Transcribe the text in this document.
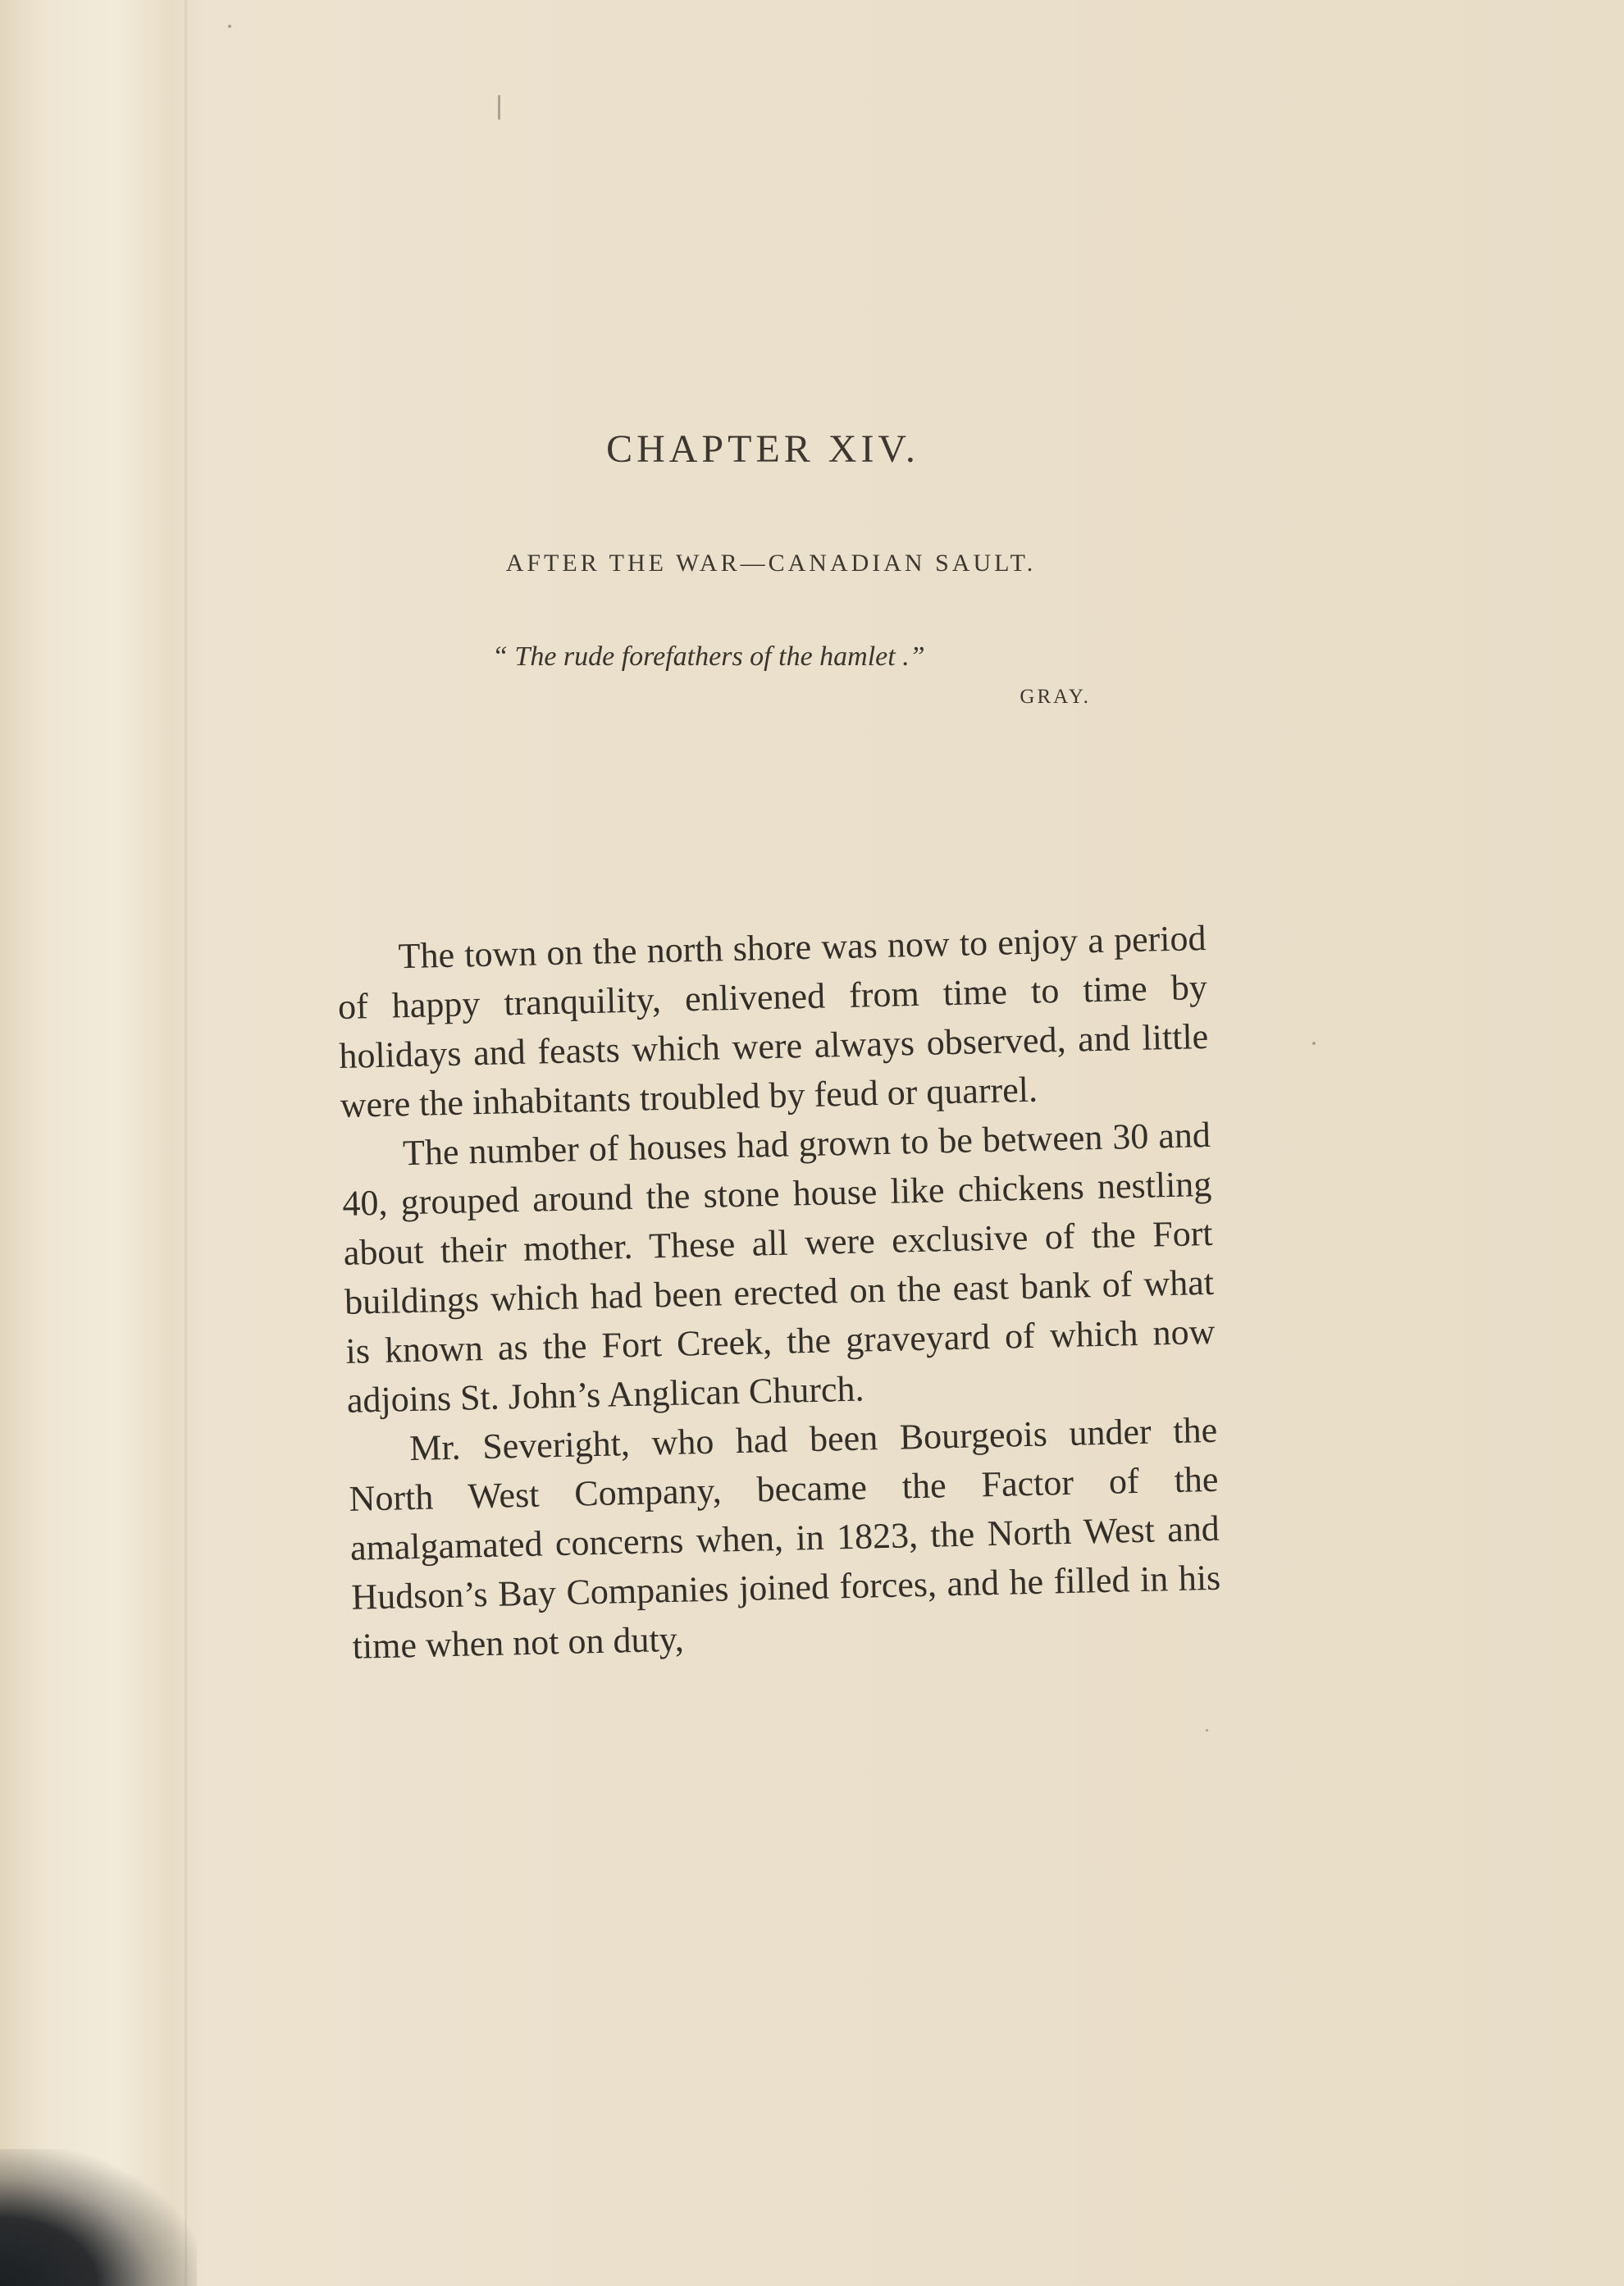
CHAPTER XIV.
AFTER THE WAR—CANADIAN SAULT.
“ The rude forefathers of the hamlet .”
GRAY.

The town on the north shore was now to enjoy a period of happy tranquility, enlivened from time to time by holidays and feasts which were always observed, and little were the inhabitants troubled by feud or quarrel.

The number of houses had grown to be between 30 and 40, grouped around the stone house like chickens nestling about their mother. These all were exclusive of the Fort buildings which had been erected on the east bank of what is known as the Fort Creek, the graveyard of which now adjoins St. John’s Anglican Church.

Mr. Severight, who had been Bourgeois under the North West Company, became the Factor of the amalgamated concerns when, in 1823, the North West and Hudson’s Bay Companies joined forces, and he filled in his time when not on duty,
